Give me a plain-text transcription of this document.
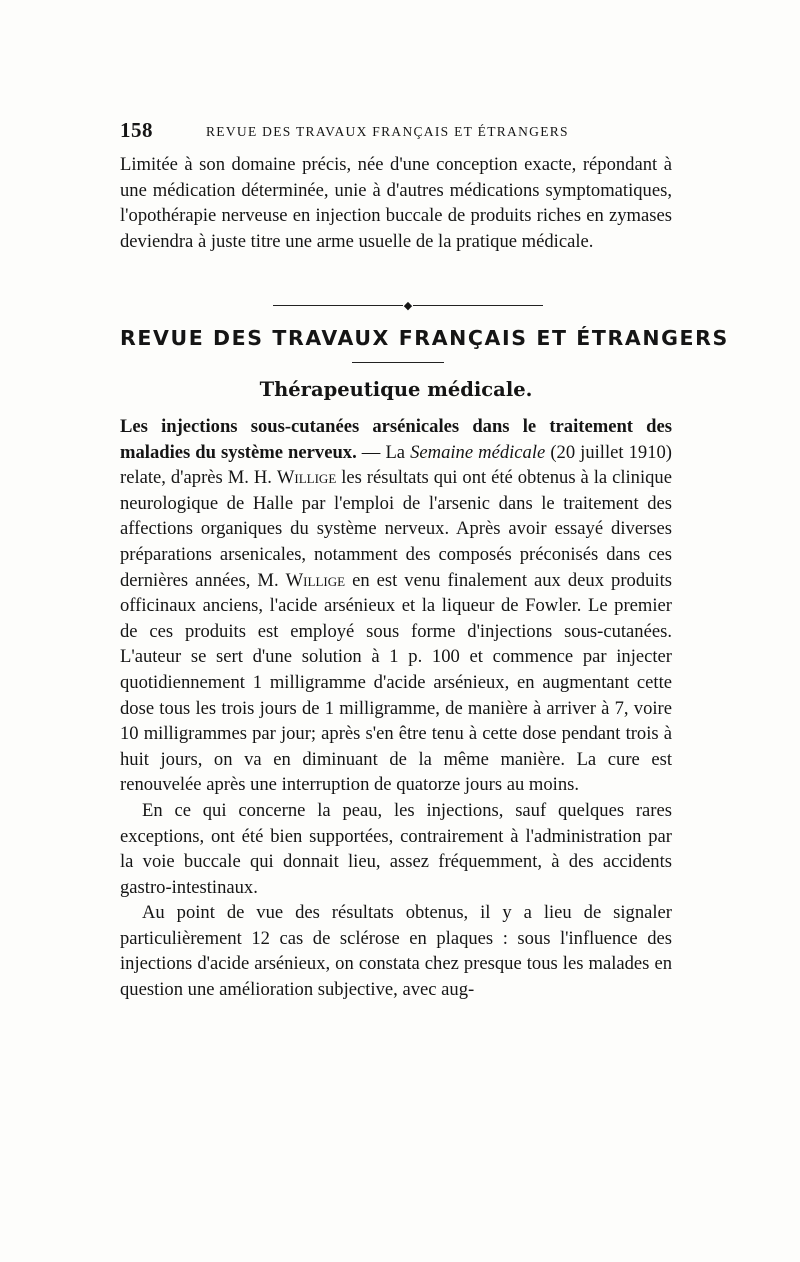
158	REVUE DES TRAVAUX FRANÇAIS ET ÉTRANGERS

Limitée à son domaine précis, née d'une conception exacte, répondant à une médication déterminée, unie à d'autres médications symptomatiques, l'opothérapie nerveuse en injection buccale de produits riches en zymases deviendra à juste titre une arme usuelle de la pratique médicale.

◆
REVUE DES TRAVAUX FRANÇAIS ET ÉTRANGERS
Thérapeutique médicale.

Les injections sous-cutanées arsénicales dans le traitement des maladies du système nerveux. — La Semaine médicale (20 juillet 1910) relate, d'après M. H. Willige les résultats qui ont été obtenus à la clinique neurologique de Halle par l'emploi de l'arsenic dans le traitement des affections organiques du système nerveux. Après avoir essayé diverses préparations arsenicales, notamment des composés préconisés dans ces dernières années, M. Willige en est venu finalement aux deux produits officinaux anciens, l'acide arsénieux et la liqueur de Fowler. Le premier de ces produits est employé sous forme d'injections sous-cutanées. L'auteur se sert d'une solution à 1 p. 100 et commence par injecter quotidiennement 1 milligramme d'acide arsénieux, en augmentant cette dose tous les trois jours de 1 milligramme, de manière à arriver à 7, voire 10 milligrammes par jour; après s'en être tenu à cette dose pendant trois à huit jours, on va en diminuant de la même manière. La cure est renouvelée après une interruption de quatorze jours au moins.

En ce qui concerne la peau, les injections, sauf quelques rares exceptions, ont été bien supportées, contrairement à l'administration par la voie buccale qui donnait lieu, assez fréquemment, à des accidents gastro-intestinaux.

Au point de vue des résultats obtenus, il y a lieu de signaler particulièrement 12 cas de sclérose en plaques : sous l'influence des injections d'acide arsénieux, on constata chez presque tous les malades en question une amélioration subjective, avec aug-
